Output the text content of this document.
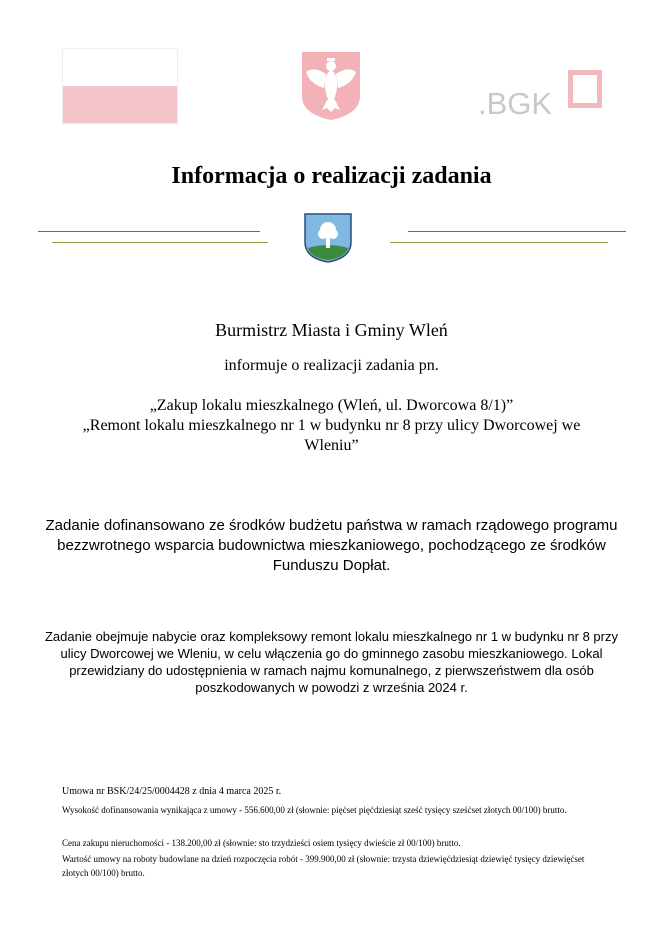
.BGK
Informacja o realizacji zadania
Burmistrz Miasta i Gminy Wleń
informuje o realizacji zadania pn.
„Zakup lokalu mieszkalnego (Wleń, ul. Dworcowa 8/1)”
„Remont lokalu mieszkalnego nr 1 w budynku nr 8 przy ulicy Dworcowej we Wleniu”
Zadanie dofinansowano ze środków budżetu państwa w ramach rządowego programu bezzwrotnego wsparcia budownictwa mieszkaniowego, pochodzącego ze środków Funduszu Dopłat.
Zadanie obejmuje nabycie oraz kompleksowy remont lokalu mieszkalnego nr 1 w budynku nr 8 przy ulicy Dworcowej we Wleniu, w celu włączenia go do gminnego zasobu mieszkaniowego. Lokal przewidziany do udostępnienia w ramach najmu komunalnego, z pierwszeństwem dla osób poszkodowanych w powodzi z września 2024 r.
Umowa nr BSK/24/25/0004428 z dnia 4 marca 2025 r.
Wysokość dofinansowania wynikająca z umowy - 556.600,00 zł (słownie: pięćset pięćdziesiąt sześć tysięcy sześćset złotych 00/100) brutto.
Cena zakupu nieruchomości - 138.200,00 zł (słownie: sto trzydzieści osiem tysięcy dwieście zł 00/100) brutto.
Wartość umowy na roboty budowlane na dzień rozpoczęcia robót - 399.900,00 zł (słownie: trzysta dziewięćdziesiąt dziewięć tysięcy dziewięćset złotych 00/100) brutto.
